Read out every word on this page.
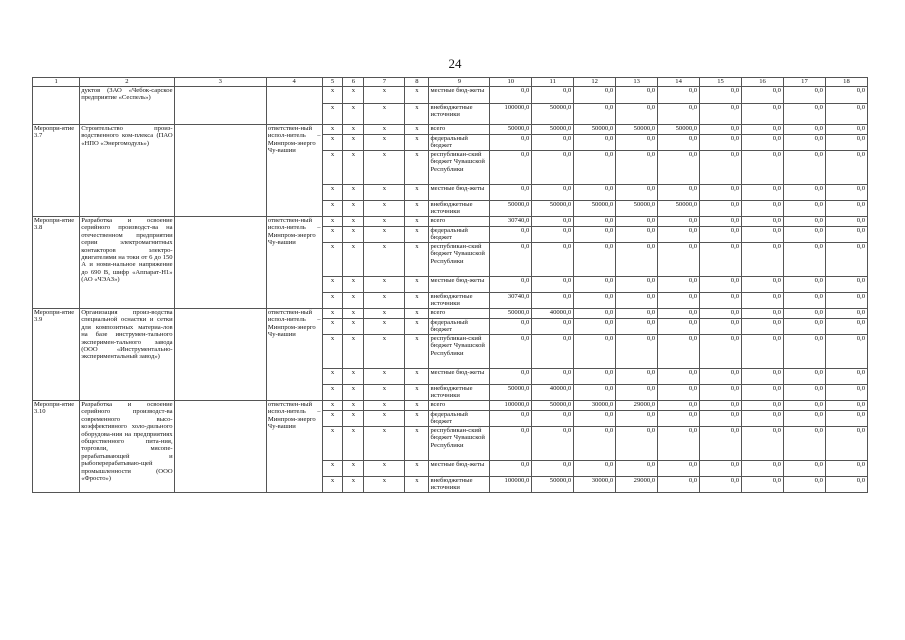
24
1	2	3	4	5	6	7	8	9	10	11	12	13	14	15	16	17	18
	дуктов (ЗАО «Чебок-сарское предприятие «Сеспель»)			x	x	x	x	местные бюд-жеты	0,0	0,0	0,0	0,0	0,0	0,0	0,0	0,0	0,0
				x	x	x	x	внебюджетные источники	100000,0	50000,0	0,0	0,0	0,0	0,0	0,0	0,0	0,0
Меропри-ятие 3.7	Строительство произ-водственного ком-плекса (ПАО «НПО «Энергомодуль»)		ответствен-ный испол-нитель – Минпром-энерго Чу-вашии	x	x	x	x	всего	50000,0	50000,0	50000,0	50000,0	50000,0	0,0	0,0	0,0	0,0
				x	x	x	x	федеральный бюджет	0,0	0,0	0,0	0,0	0,0	0,0	0,0	0,0	0,0
				x	x	x	x	республикан-ский бюджет Чувашской Республики	0,0	0,0	0,0	0,0	0,0	0,0	0,0	0,0	0,0
				x	x	x	x	местные бюд-жеты	0,0	0,0	0,0	0,0	0,0	0,0	0,0	0,0	0,0
				x	x	x	x	внебюджетные источники	50000,0	50000,0	50000,0	50000,0	50000,0	0,0	0,0	0,0	0,0
Меропри-ятие 3.8	Разработка и освоение серийного производст-ва на отечественном предприятии серии электромагнитных контакторов электро-двигателями на токи от 6 до 150 А и номи-нальное напряжение до 690 В, шифр «Аппарат-Н1» (АО «ЧЭАЗ»)		ответствен-ный испол-нитель – Минпром-энерго Чу-вашии	x	x	x	x	всего	30740,0	0,0	0,0	0,0	0,0	0,0	0,0	0,0	0,0
				x	x	x	x	федеральный бюджет	0,0	0,0	0,0	0,0	0,0	0,0	0,0	0,0	0,0
				x	x	x	x	республикан-ский бюджет Чувашской Республики	0,0	0,0	0,0	0,0	0,0	0,0	0,0	0,0	0,0
				x	x	x	x	местные бюд-жеты	0,0	0,0	0,0	0,0	0,0	0,0	0,0	0,0	0,0
				x	x	x	x	внебюджетные источники	30740,0	0,0	0,0	0,0	0,0	0,0	0,0	0,0	0,0
Меропри-ятие 3.9	Организация произ-водства специальной оснастки и сетки для композитных материа-лов на базе инструмен-тального эксперимен-тального завода (ООО «Инструментально-экспериментальный завод»)		ответствен-ный испол-нитель – Минпром-энерго Чу-вашии	x	x	x	x	всего	50000,0	40000,0	0,0	0,0	0,0	0,0	0,0	0,0	0,0
				x	x	x	x	федеральный бюджет	0,0	0,0	0,0	0,0	0,0	0,0	0,0	0,0	0,0
				x	x	x	x	республикан-ский бюджет Чувашской Республики	0,0	0,0	0,0	0,0	0,0	0,0	0,0	0,0	0,0
				x	x	x	x	местные бюд-жеты	0,0	0,0	0,0	0,0	0,0	0,0	0,0	0,0	0,0
				x	x	x	x	внебюджетные источники	50000,0	40000,0	0,0	0,0	0,0	0,0	0,0	0,0	0,0
Меропри-ятие 3.10	Разработка и освоение серийного производст-ва современного высо-коэффективного холо-дильного оборудова-ния на предприятиях общественного пита-ния, торговли, мясопе-рерабатывающей и рыбоперерабатываю-щей промышленности (ООО «Фросто»)		ответствен-ный испол-нитель – Минпром-энерго Чу-вашии	x	x	x	x	всего	100000,0	50000,0	30000,0	29000,0	0,0	0,0	0,0	0,0	0,0
				x	x	x	x	федеральный бюджет	0,0	0,0	0,0	0,0	0,0	0,0	0,0	0,0	0,0
				x	x	x	x	республикан-ский бюджет Чувашской Республики	0,0	0,0	0,0	0,0	0,0	0,0	0,0	0,0	0,0
				x	x	x	x	местные бюд-жеты	0,0	0,0	0,0	0,0	0,0	0,0	0,0	0,0	0,0
				x	x	x	x	внебюджетные источники	100000,0	50000,0	30000,0	29000,0	0,0	0,0	0,0	0,0	0,0
